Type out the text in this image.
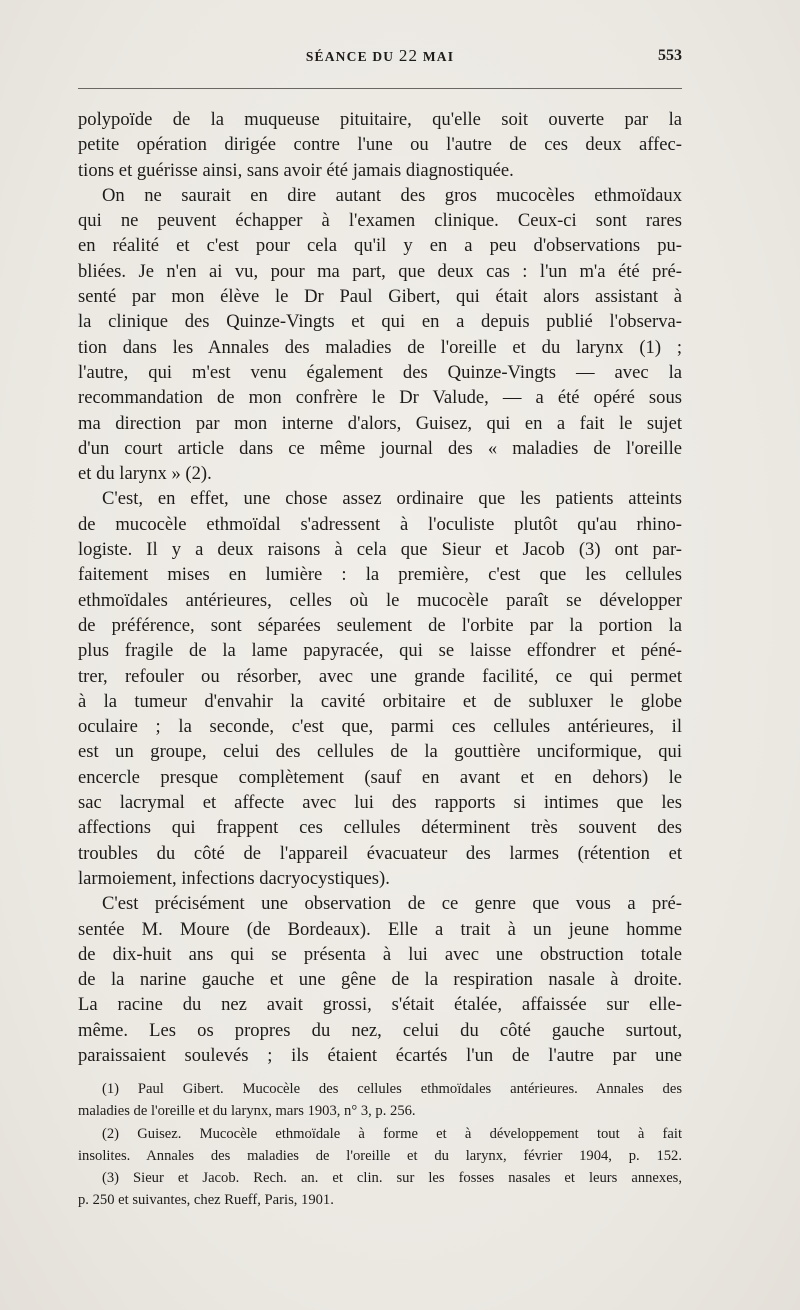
SÉANCE DU 22 MAI	553
polypoïde de la muqueuse pituitaire, qu'elle soit ouverte par la
petite opération dirigée contre l'une ou l'autre de ces deux affec-
tions et guérisse ainsi, sans avoir été jamais diagnostiquée.
On ne saurait en dire autant des gros mucocèles ethmoïdaux
qui ne peuvent échapper à l'examen clinique. Ceux-ci sont rares
en réalité et c'est pour cela qu'il y en a peu d'observations pu-
bliées. Je n'en ai vu, pour ma part, que deux cas : l'un m'a été pré-
senté par mon élève le Dr Paul Gibert, qui était alors assistant à
la clinique des Quinze-Vingts et qui en a depuis publié l'observa-
tion dans les Annales des maladies de l'oreille et du larynx (1) ;
l'autre, qui m'est venu également des Quinze-Vingts — avec la
recommandation de mon confrère le Dr Valude, — a été opéré sous
ma direction par mon interne d'alors, Guisez, qui en a fait le sujet
d'un court article dans ce même journal des « maladies de l'oreille
et du larynx » (2).
C'est, en effet, une chose assez ordinaire que les patients atteints
de mucocèle ethmoïdal s'adressent à l'oculiste plutôt qu'au rhino-
logiste. Il y a deux raisons à cela que Sieur et Jacob (3) ont par-
faitement mises en lumière : la première, c'est que les cellules
ethmoïdales antérieures, celles où le mucocèle paraît se développer
de préférence, sont séparées seulement de l'orbite par la portion la
plus fragile de la lame papyracée, qui se laisse effondrer et péné-
trer, refouler ou résorber, avec une grande facilité, ce qui permet
à la tumeur d'envahir la cavité orbitaire et de subluxer le globe
oculaire ; la seconde, c'est que, parmi ces cellules antérieures, il
est un groupe, celui des cellules de la gouttière unciformique, qui
encercle presque complètement (sauf en avant et en dehors) le
sac lacrymal et affecte avec lui des rapports si intimes que les
affections qui frappent ces cellules déterminent très souvent des
troubles du côté de l'appareil évacuateur des larmes (rétention et
larmoiement, infections dacryocystiques).
C'est précisément une observation de ce genre que vous a pré-
sentée M. Moure (de Bordeaux). Elle a trait à un jeune homme
de dix-huit ans qui se présenta à lui avec une obstruction totale
de la narine gauche et une gêne de la respiration nasale à droite.
La racine du nez avait grossi, s'était étalée, affaissée sur elle-
même. Les os propres du nez, celui du côté gauche surtout,
paraissaient soulevés ; ils étaient écartés l'un de l'autre par une
(1) Paul Gibert. Mucocèle des cellules ethmoïdales antérieures. Annales des
maladies de l'oreille et du larynx, mars 1903, n° 3, p. 256.
(2) Guisez. Mucocèle ethmoïdale à forme et à développement tout à fait
insolites. Annales des maladies de l'oreille et du larynx, février 1904, p. 152.
(3) Sieur et Jacob. Rech. an. et clin. sur les fosses nasales et leurs annexes,
p. 250 et suivantes, chez Rueff, Paris, 1901.
